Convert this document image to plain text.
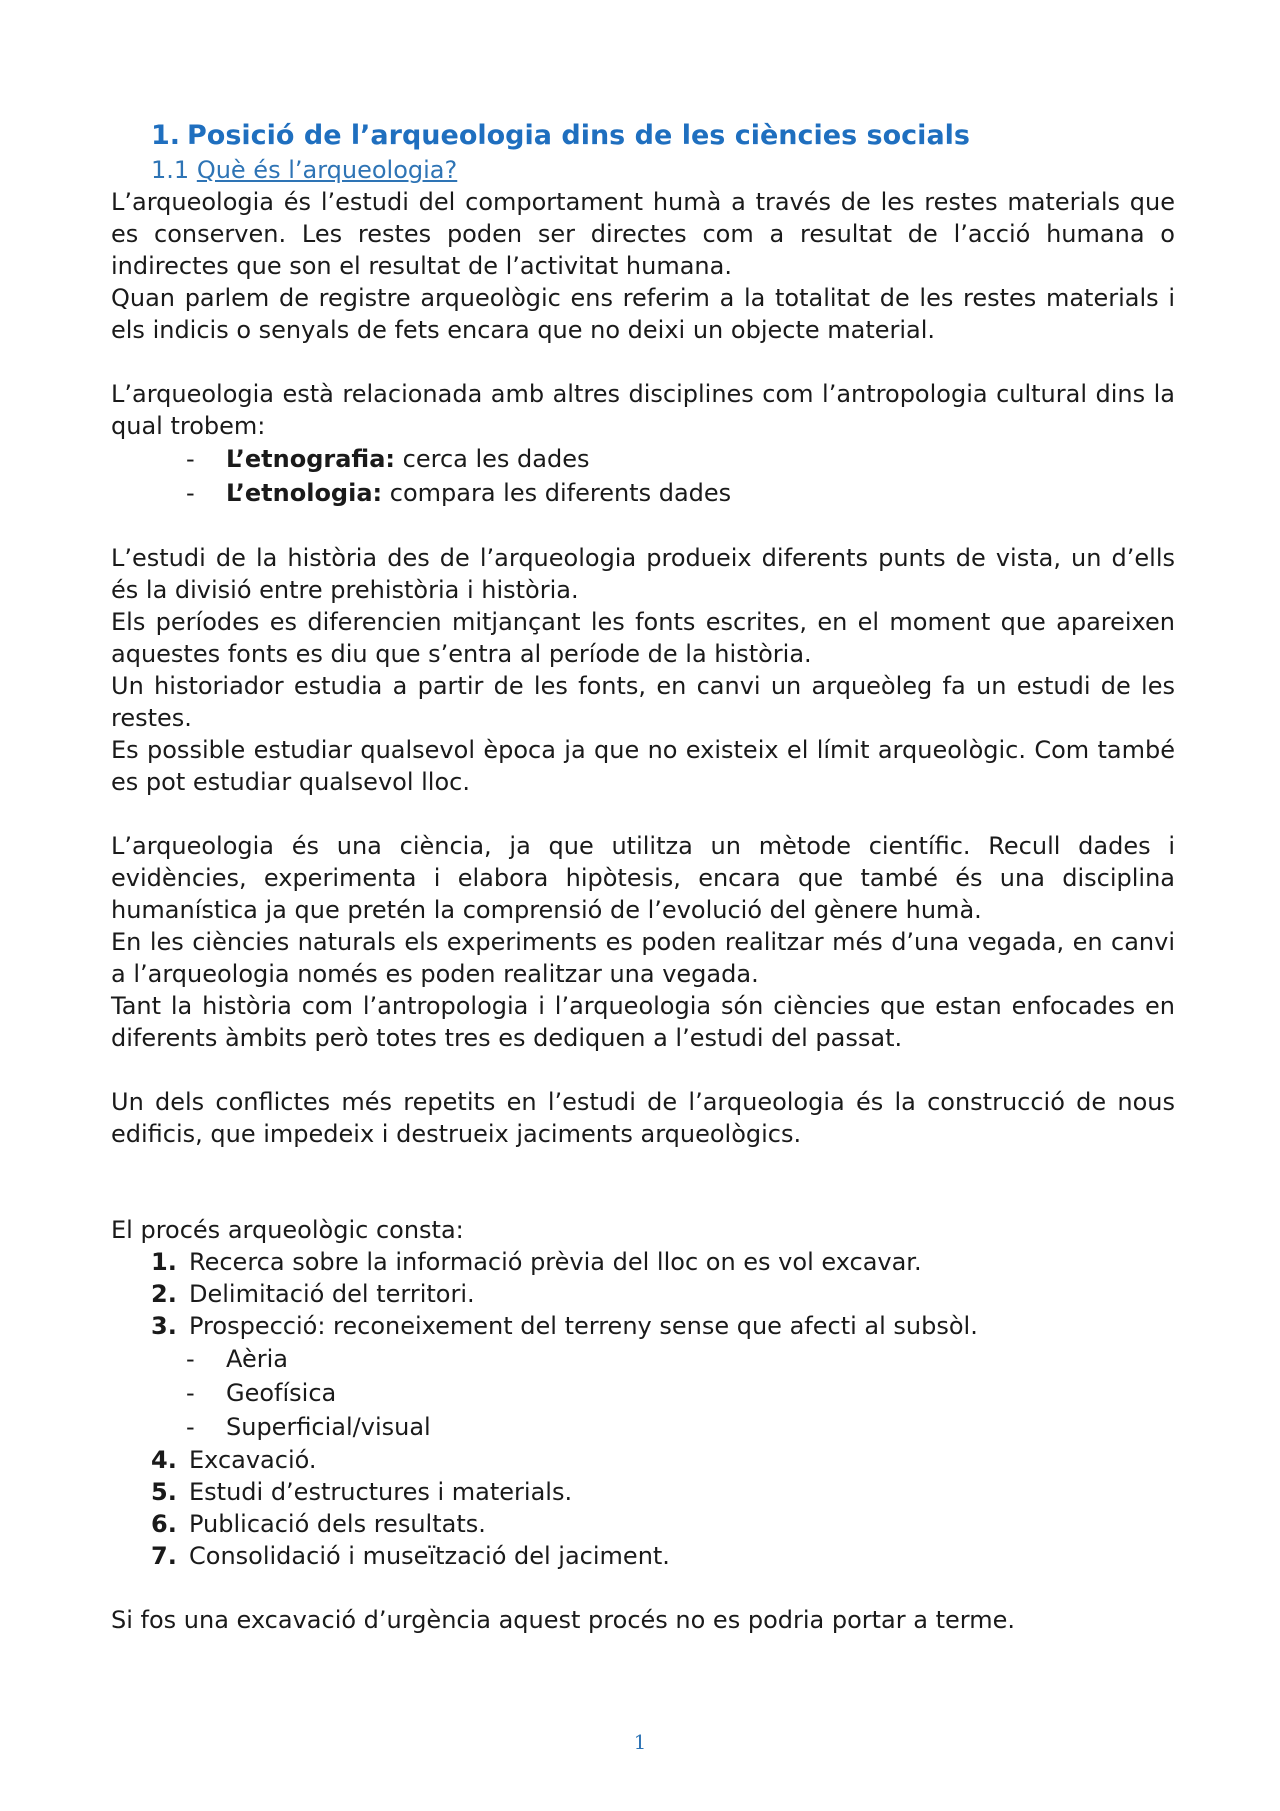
1. Posició de l’arqueologia dins de les ciències socials
1.1 Què és l’arqueologia?

L’arqueologia és l’estudi del comportament humà a través de les restes materials que es conserven. Les restes poden ser directes com a resultat de l’acció humana o indirectes que son el resultat de l’activitat humana.

Quan parlem de registre arqueològic ens referim a la totalitat de les restes materials i els indicis o senyals de fets encara que no deixi un objecte material.

L’arqueologia està relacionada amb altres disciplines com l’antropologia cultural dins la qual trobem:

- L’etnografia: cerca les dades
- L’etnologia: compara les diferents dades

L’estudi de la història des de l’arqueologia produeix diferents punts de vista, un d’ells és la divisió entre prehistòria i història.

Els períodes es diferencien mitjançant les fonts escrites, en el moment que apareixen aquestes fonts es diu que s’entra al període de la història.

Un historiador estudia a partir de les fonts, en canvi un arqueòleg fa un estudi de les restes.

Es possible estudiar qualsevol època ja que no existeix el límit arqueològic. Com també es pot estudiar qualsevol lloc.

L’arqueologia és una ciència, ja que utilitza un mètode científic. Recull dades i evidències, experimenta i elabora hipòtesis, encara que també és una disciplina humanística ja que pretén la comprensió de l’evolució del gènere humà.

En les ciències naturals els experiments es poden realitzar més d’una vegada, en canvi a l’arqueologia només es poden realitzar una vegada.

Tant la història com l’antropologia i l’arqueologia són ciències que estan enfocades en diferents àmbits però totes tres es dediquen a l’estudi del passat.

Un dels conflictes més repetits en l’estudi de l’arqueologia és la construcció de nous edificis, que impedeix i destrueix jaciments arqueològics.

El procés arqueològic consta:

1. Recerca sobre la informació prèvia del lloc on es vol excavar.
2. Delimitació del territori.
3. Prospecció: reconeixement del terreny sense que afecti al subsòl.
- Aèria
- Geofísica
- Superficial/visual
4. Excavació.
5. Estudi d’estructures i materials.
6. Publicació dels resultats.
7. Consolidació i museïtzació del jaciment.

Si fos una excavació d’urgència aquest procés no es podria portar a terme.

1
